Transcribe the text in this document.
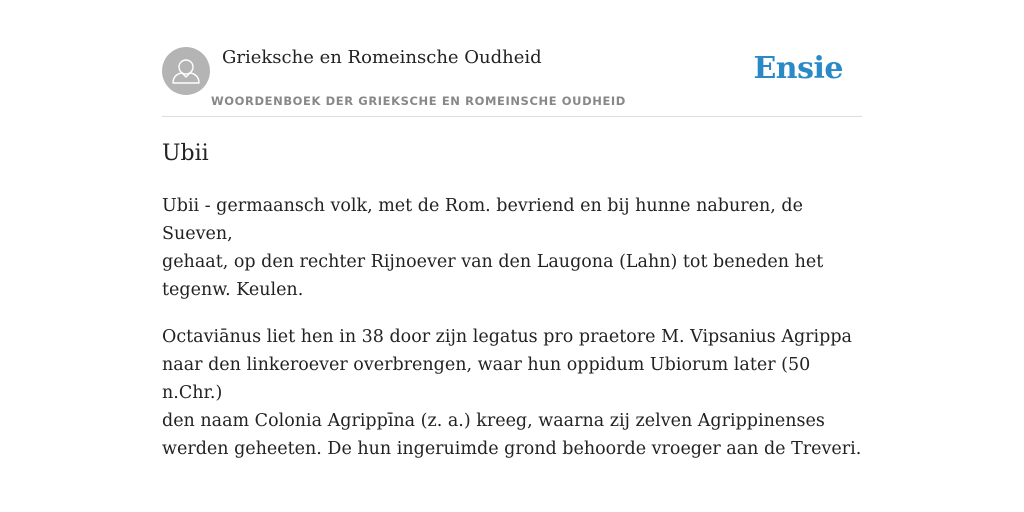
Grieksche en Romeinsche Oudheid
WOORDENBOEK DER GRIEKSCHE EN ROMEINSCHE OUDHEID
Ensie
Ubii

Ubii - germaansch volk, met de Rom. bevriend en bij hunne naburen, de Sueven,
gehaat, op den rechter Rijnoever van den Laugona (Lahn) tot beneden het
tegenw. Keulen.

Octaviānus liet hen in 38 door zijn legatus pro praetore M. Vipsanius Agrippa
naar den linkeroever overbrengen, waar hun oppidum Ubiorum later (50 n.Chr.)
den naam Colonia Agrippīna (z. a.) kreeg, waarna zij zelven Agrippinenses
werden geheeten. De hun ingeruimde grond behoorde vroeger aan de Treveri.
